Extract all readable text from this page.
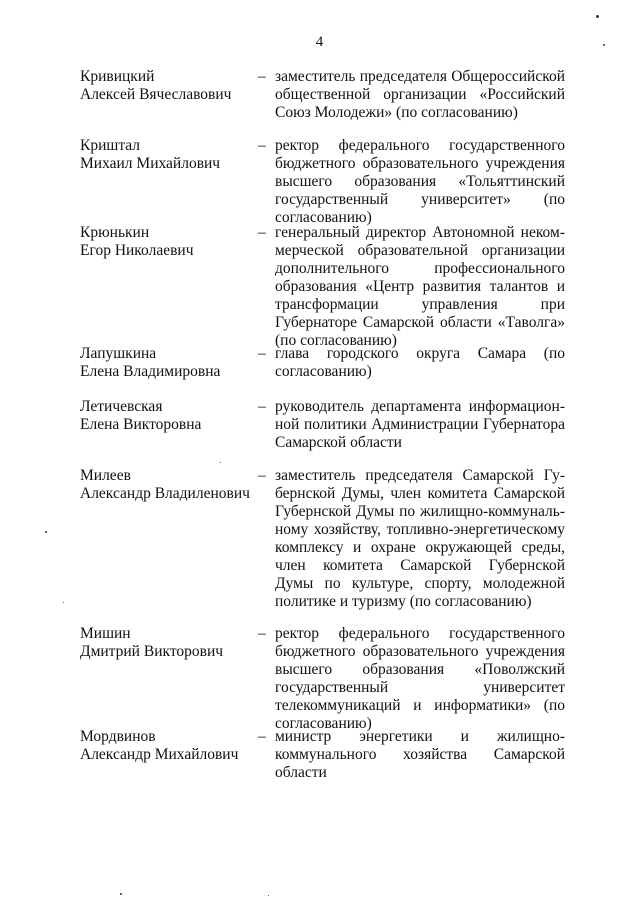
4
Кривицкий
Алексей Вячеславович
– заместитель председателя Общероссийской общественной организации «Российский Союз Молодежи» (по согласованию)
Криштал
Михаил Михайлович
– ректор федерального государственного бюджетного образовательного учреждения высшего образования «Тольяттинский государственный университет» (по согласованию)
Крюнькин
Егор Николаевич
– генеральный директор Автономной некоммерческой образовательной организации дополнительного профессионального образования «Центр развития талантов и трансформации управления при Губернаторе Самарской области «Таволга» (по согласованию)
Лапушкина
Елена Владимировна
– глава городского округа Самара (по согласованию)
Летичевская
Елена Викторовна
– руководитель департамента информационной политики Администрации Губернатора Самарской области
Милеев
Александр Владиленович
– заместитель председателя Самарской Губернской Думы, член комитета Самарской Губернской Думы по жилищно-коммунальному хозяйству, топливно-энергетическому комплексу и охране окружающей среды, член комитета Самарской Губернской Думы по культуре, спорту, молодежной политике и туризму (по согласованию)
Мишин
Дмитрий Викторович
– ректор федерального государственного бюджетного образовательного учреждения высшего образования «Поволжский государственный университет телекоммуникаций и информатики» (по согласованию)
Мордвинов
Александр Михайлович
– министр энергетики и жилищно-коммунального хозяйства Самарской области
